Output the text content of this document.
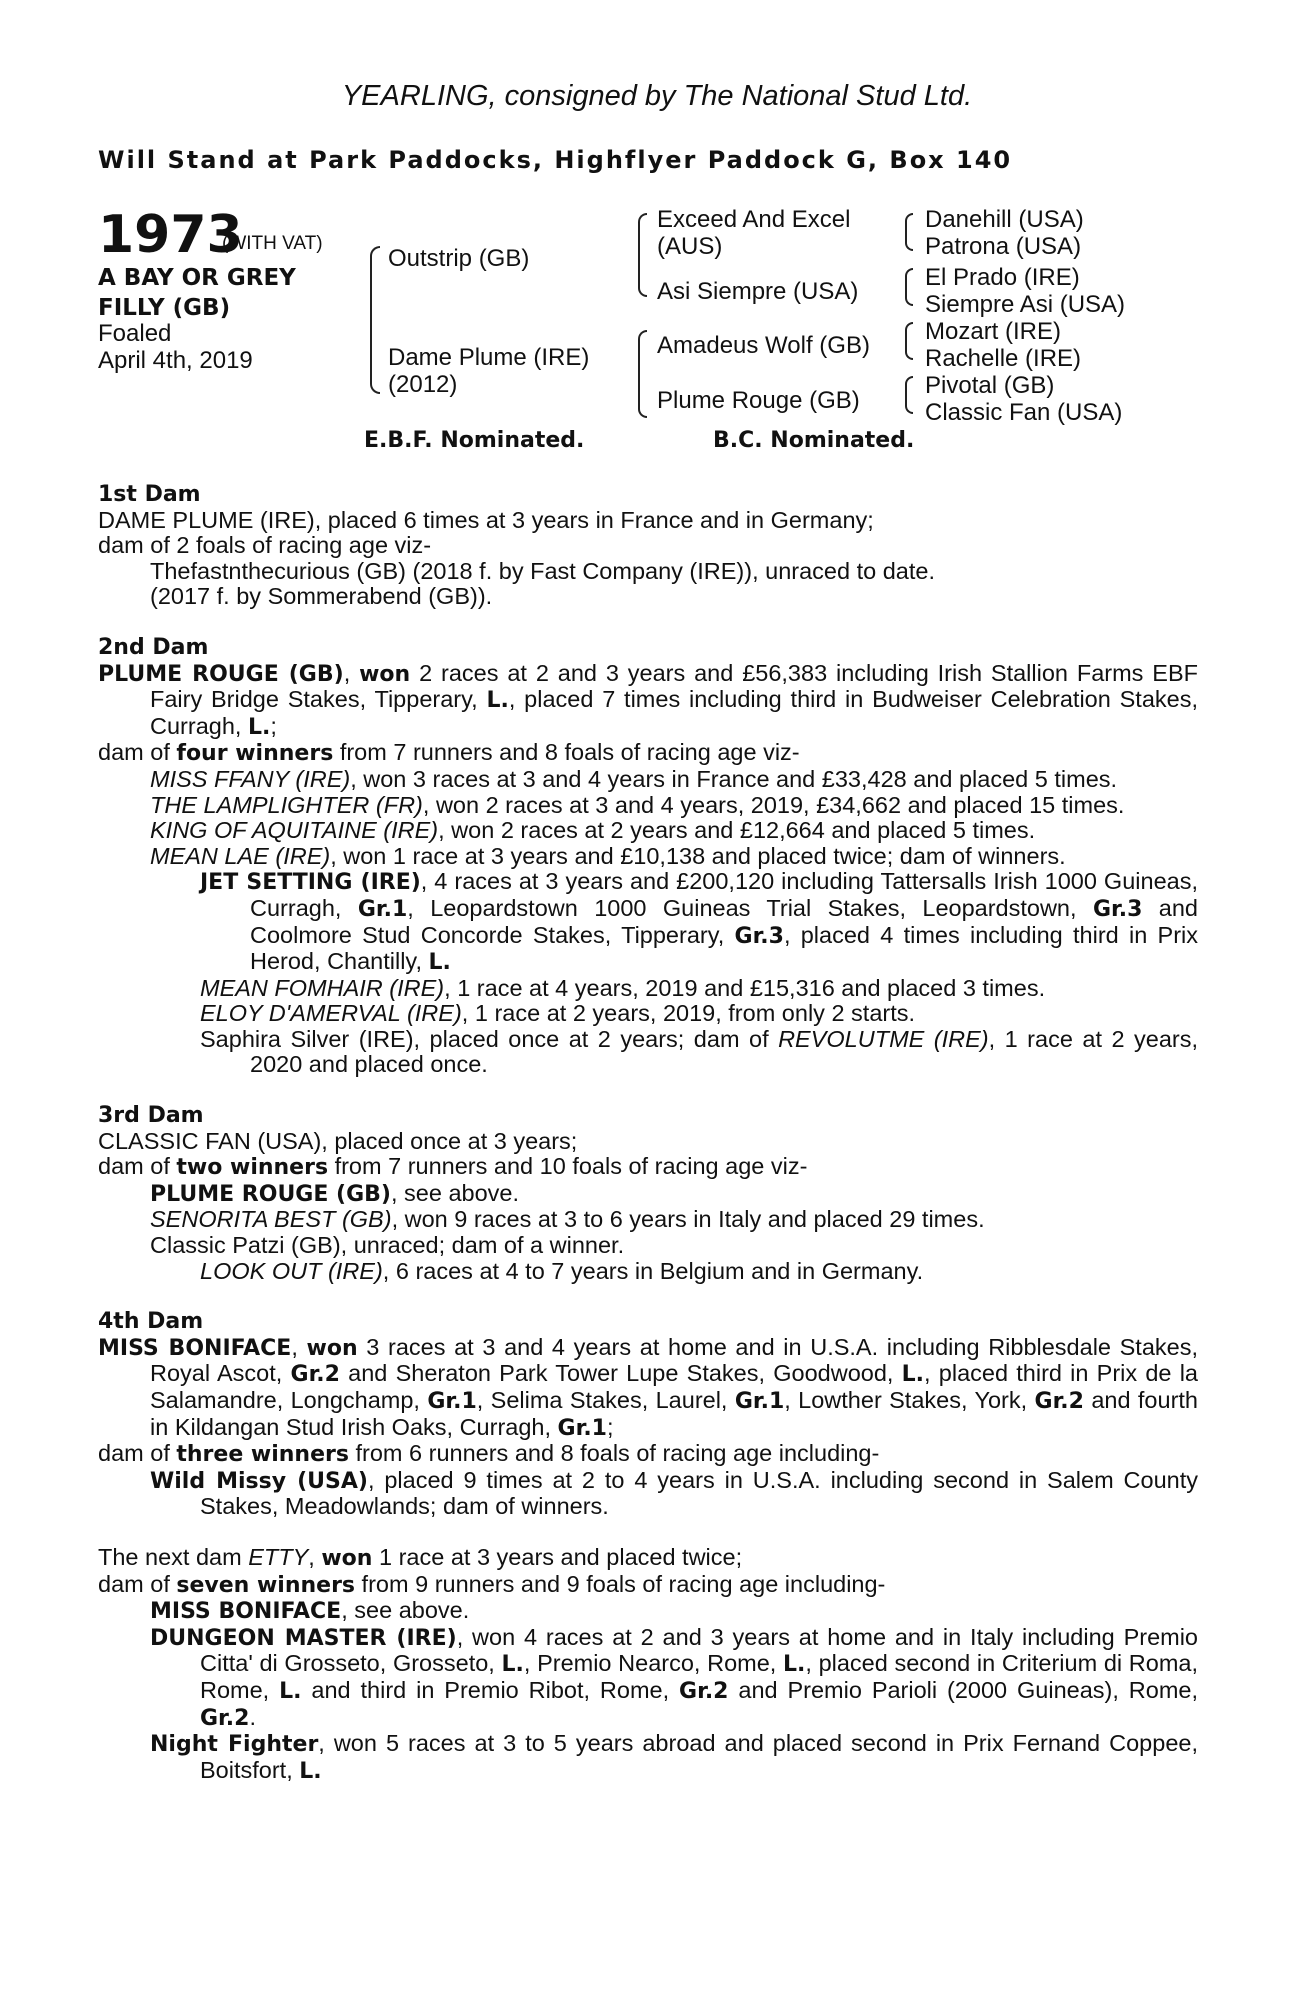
YEARLING, consigned by The National Stud Ltd.
Will Stand at Park Paddocks, Highflyer Paddock G, Box 140
1973
(WITH VAT)
A BAY OR GREY
FILLY (GB)
Foaled
April 4th, 2019
Outstrip (GB)
Dame Plume (IRE)
(2012)
Exceed And Excel
(AUS)
Asi Siempre (USA)
Amadeus Wolf (GB)
Plume Rouge (GB)
Danehill (USA)
Patrona (USA)
El Prado (IRE)
Siempre Asi (USA)
Mozart (IRE)
Rachelle (IRE)
Pivotal (GB)
Classic Fan (USA)
E.B.F. Nominated.	B.C. Nominated.
1st Dam
DAME PLUME (IRE), placed 6 times at 3 years in France and in Germany;
dam of 2 foals of racing age viz-
Thefastnthecurious (GB) (2018 f. by Fast Company (IRE)), unraced to date.
(2017 f. by Sommerabend (GB)).
2nd Dam
PLUME ROUGE (GB), won 2 races at 2 and 3 years and £56,383 including Irish Stallion Farms EBF Fairy Bridge Stakes, Tipperary, L., placed 7 times including third in Budweiser Celebration Stakes, Curragh, L.;
dam of four winners from 7 runners and 8 foals of racing age viz-
MISS FFANY (IRE), won 3 races at 3 and 4 years in France and £33,428 and placed 5 times.
THE LAMPLIGHTER (FR), won 2 races at 3 and 4 years, 2019, £34,662 and placed 15 times.
KING OF AQUITAINE (IRE), won 2 races at 2 years and £12,664 and placed 5 times.
MEAN LAE (IRE), won 1 race at 3 years and £10,138 and placed twice; dam of winners.
JET SETTING (IRE), 4 races at 3 years and £200,120 including Tattersalls Irish 1000 Guineas, Curragh, Gr.1, Leopardstown 1000 Guineas Trial Stakes, Leopardstown, Gr.3 and Coolmore Stud Concorde Stakes, Tipperary, Gr.3, placed 4 times including third in Prix Herod, Chantilly, L.
MEAN FOMHAIR (IRE), 1 race at 4 years, 2019 and £15,316 and placed 3 times.
ELOY D'AMERVAL (IRE), 1 race at 2 years, 2019, from only 2 starts.
Saphira Silver (IRE), placed once at 2 years; dam of REVOLUTME (IRE), 1 race at 2 years, 2020 and placed once.
3rd Dam
CLASSIC FAN (USA), placed once at 3 years;
dam of two winners from 7 runners and 10 foals of racing age viz-
PLUME ROUGE (GB), see above.
SENORITA BEST (GB), won 9 races at 3 to 6 years in Italy and placed 29 times.
Classic Patzi (GB), unraced; dam of a winner.
LOOK OUT (IRE), 6 races at 4 to 7 years in Belgium and in Germany.
4th Dam
MISS BONIFACE, won 3 races at 3 and 4 years at home and in U.S.A. including Ribblesdale Stakes, Royal Ascot, Gr.2 and Sheraton Park Tower Lupe Stakes, Goodwood, L., placed third in Prix de la Salamandre, Longchamp, Gr.1, Selima Stakes, Laurel, Gr.1, Lowther Stakes, York, Gr.2 and fourth in Kildangan Stud Irish Oaks, Curragh, Gr.1;
dam of three winners from 6 runners and 8 foals of racing age including-
Wild Missy (USA), placed 9 times at 2 to 4 years in U.S.A. including second in Salem County Stakes, Meadowlands; dam of winners.
The next dam ETTY, won 1 race at 3 years and placed twice;
dam of seven winners from 9 runners and 9 foals of racing age including-
MISS BONIFACE, see above.
DUNGEON MASTER (IRE), won 4 races at 2 and 3 years at home and in Italy including Premio Citta' di Grosseto, Grosseto, L., Premio Nearco, Rome, L., placed second in Criterium di Roma, Rome, L. and third in Premio Ribot, Rome, Gr.2 and Premio Parioli (2000 Guineas), Rome, Gr.2.
Night Fighter, won 5 races at 3 to 5 years abroad and placed second in Prix Fernand Coppee, Boitsfort, L.
